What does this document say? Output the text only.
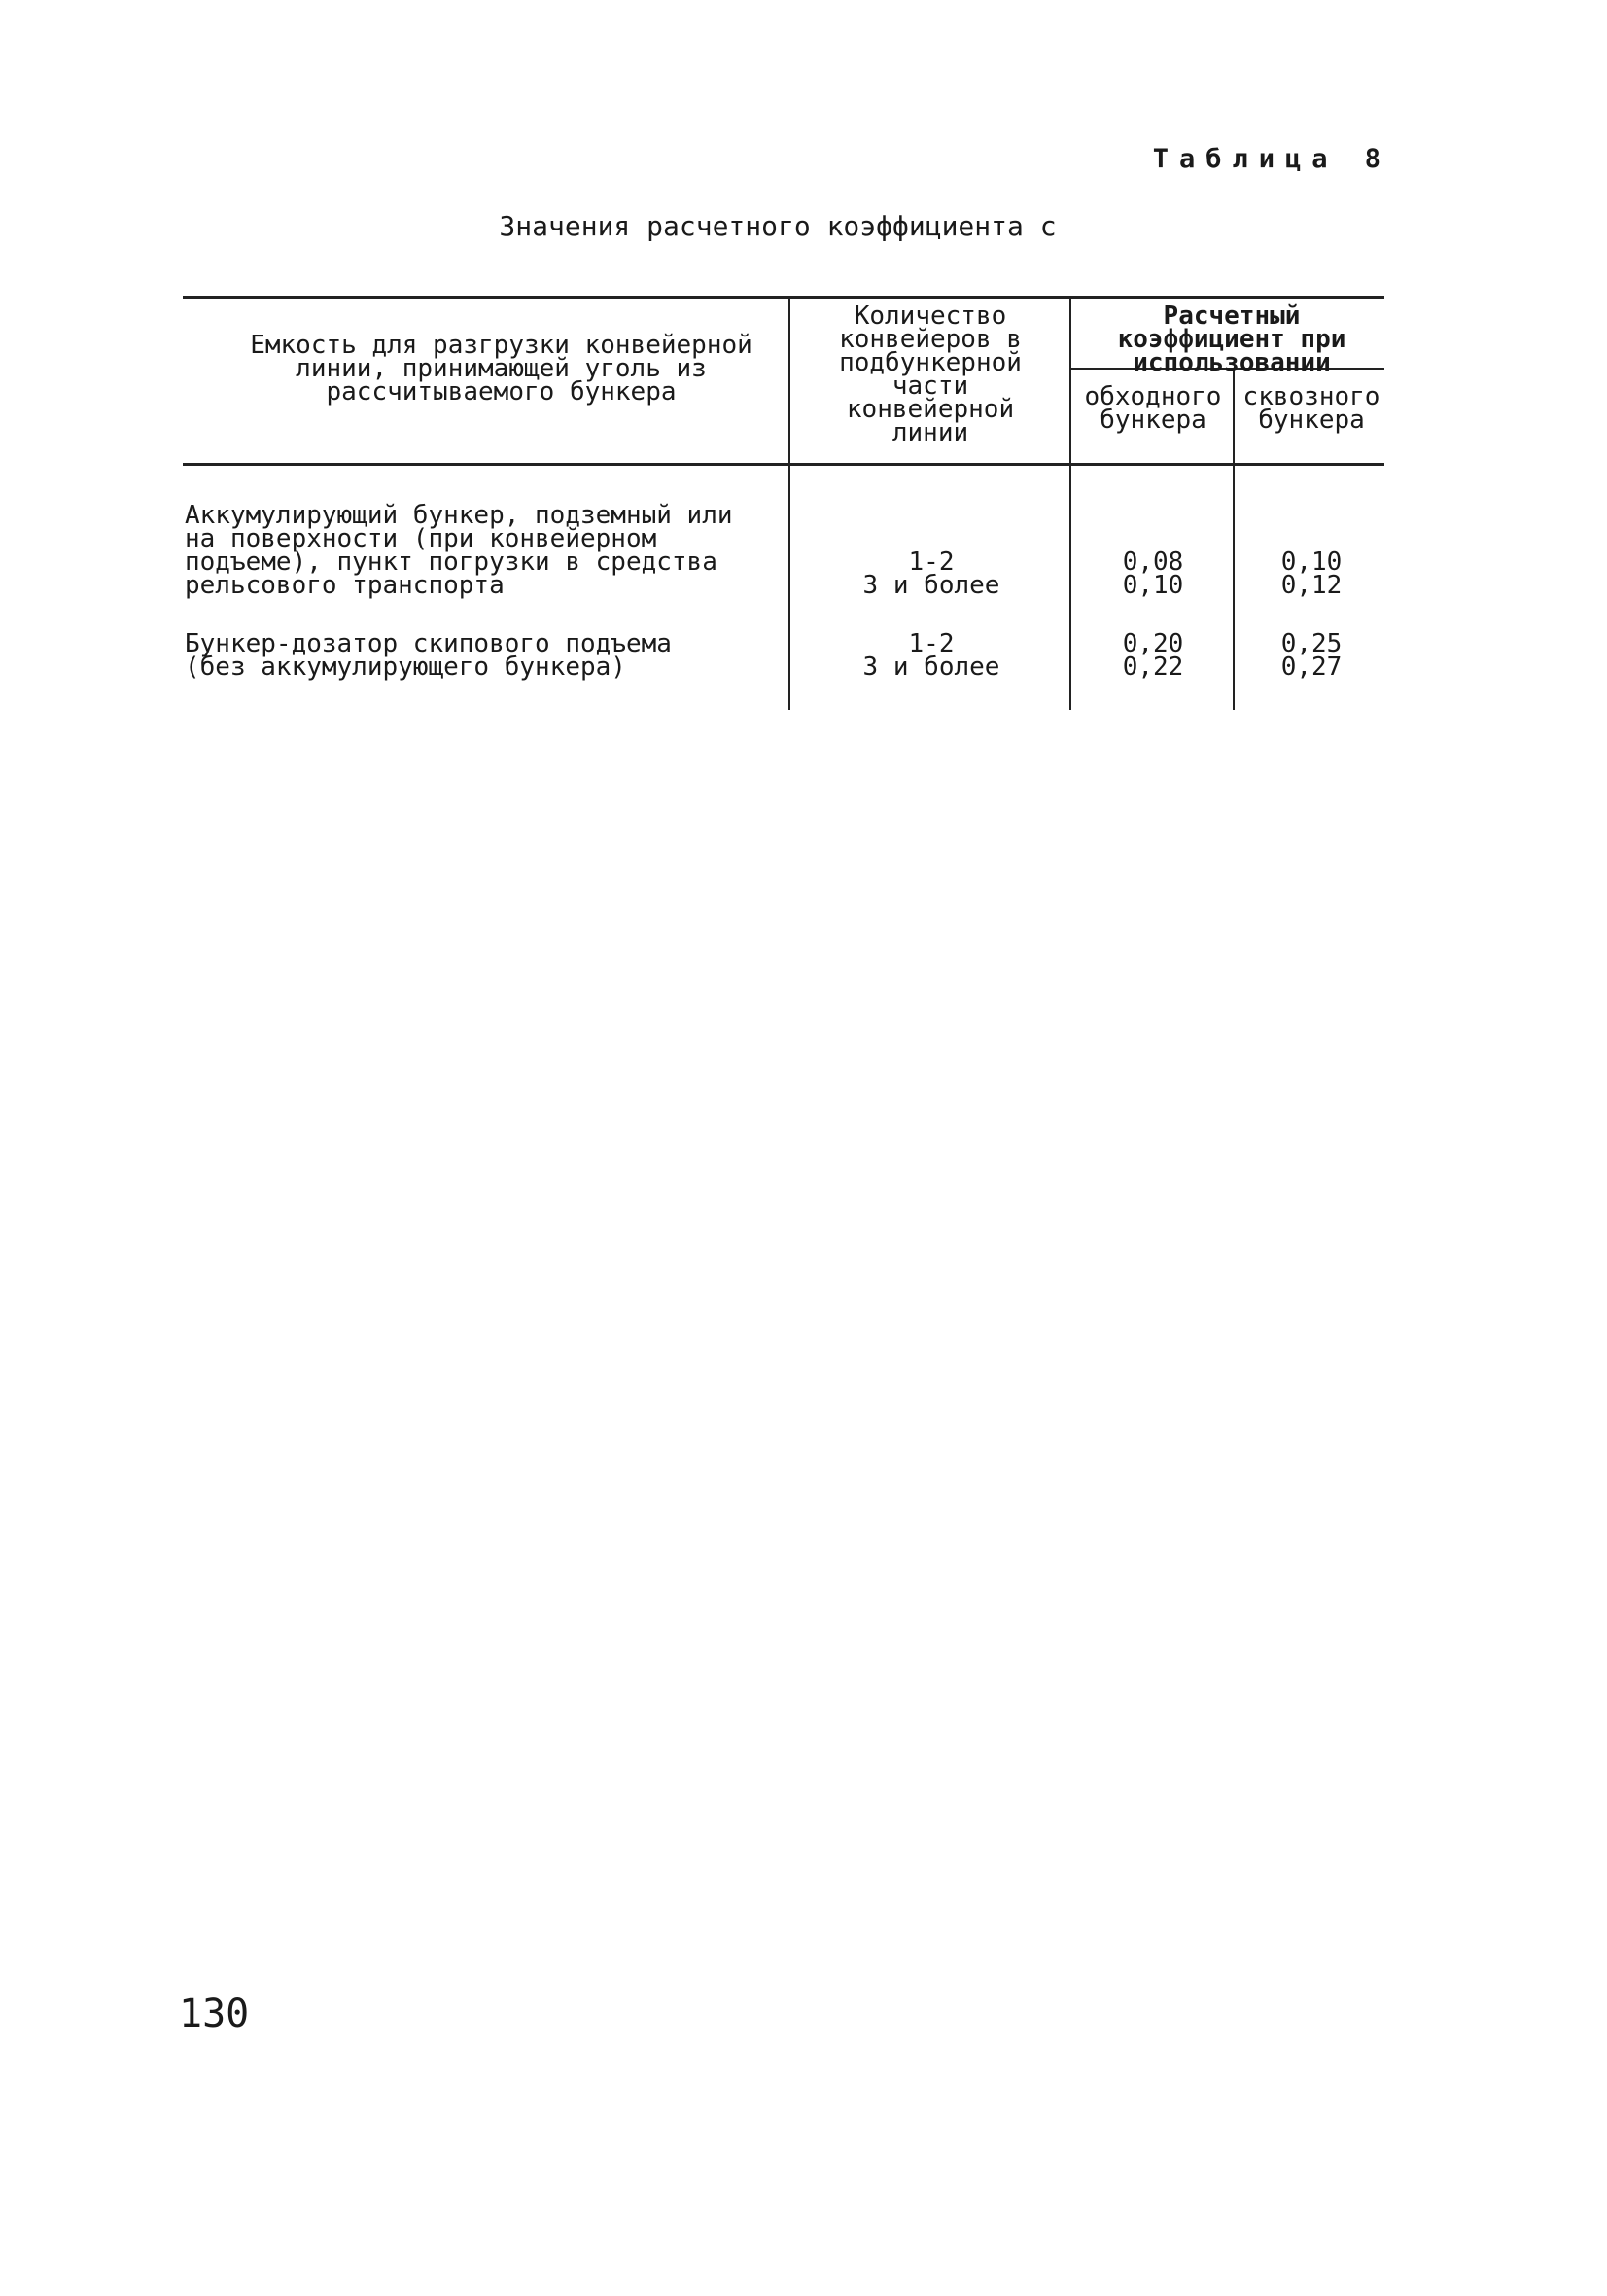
Таблица 8
Значения расчетного коэффициента с
Емкость для разгрузки конвейерной линии, принимающей уголь из рассчитываемого бункера
Количество конвейеров в подбункерной части конвейерной линии
Расчетный коэффициент при использовании
обходного бункера
сквозного бункера
Аккумулирующий бункер, подземный или на поверхности (при конвейерном подъеме), пункт погрузки в средства рельсового транспорта
1-2
3 и более
0,08
0,10
0,10
0,12
Бункер-дозатор скипового подъема (без аккумулирующего бункера)
1-2
3 и более
0,20
0,22
0,25
0,27
130
